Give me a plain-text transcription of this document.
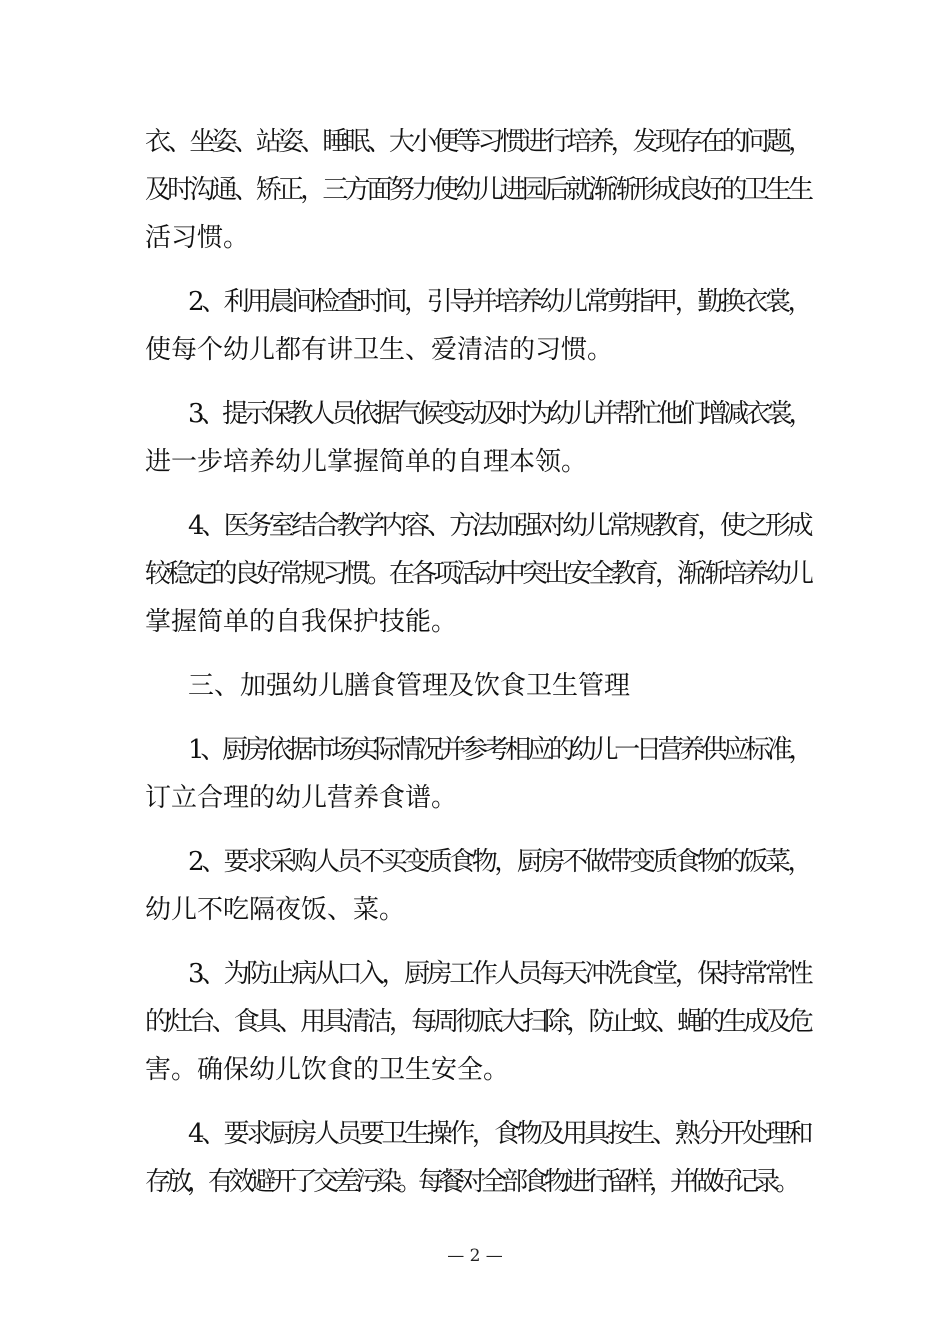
衣、坐姿、站姿、睡眠、大小便等习惯进行培养，发现存在的问题，
及时沟通、矫正，三方面努力使幼儿进园后就渐渐形成良好的卫生生
活习惯。
2、利用晨间检查时间，引导并培养幼儿常剪指甲，勤换衣裳，
使每个幼儿都有讲卫生、爱清洁的习惯。
3、提示保教人员依据气候变动及时为幼儿并帮忙他们增减衣裳，
进一步培养幼儿掌握简单的自理本领。
4、医务室结合教学内容、方法加强对幼儿常规教育，使之形成
较稳定的良好常规习惯。在各项活动中突出安全教育，渐渐培养幼儿
掌握简单的自我保护技能。
三、加强幼儿膳食管理及饮食卫生管理
1、厨房依据市场实际情况并参考相应的幼儿一日营养供应标准，
订立合理的幼儿营养食谱。
2、要求采购人员不买变质食物，厨房不做带变质食物的饭菜，
幼儿不吃隔夜饭、菜。
3、为防止病从口入，厨房工作人员每天冲洗食堂，保持常常性
的灶台、食具、用具清洁，每周彻底大扫除，防止蚊、蝇的生成及危
害。确保幼儿饮食的卫生安全。
4、要求厨房人员要卫生操作，食物及用具按生、熟分开处理和
存放，有效避开了交差污染。每餐对全部食物进行留样，并做好记录。
— 2 —
